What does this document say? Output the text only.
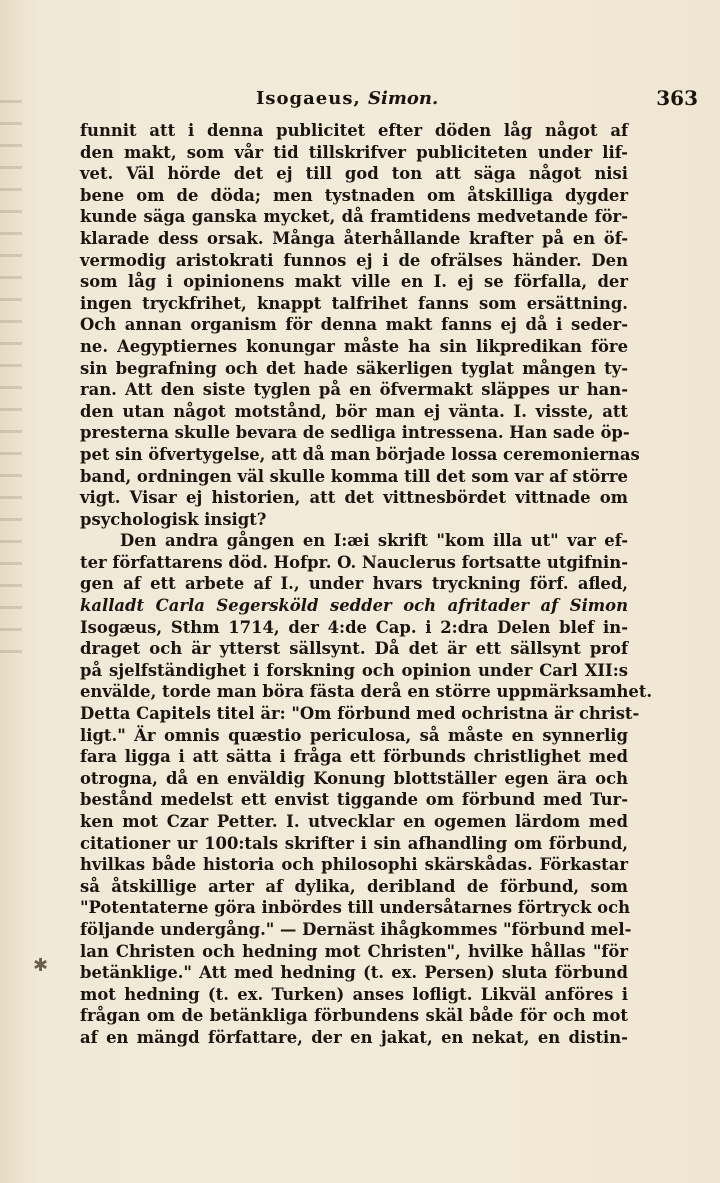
Isogaeus, Simon.	363
funnit att i denna publicitet efter döden låg något af
den makt, som vår tid tillskrifver publiciteten under lif-
vet. Väl hörde det ej till god ton att säga något nisi
bene om de döda; men tystnaden om åtskilliga dygder
kunde säga ganska mycket, då framtidens medvetande för-
klarade dess orsak. Många återhållande krafter på en öf-
vermodig aristokrati funnos ej i de ofrälses händer. Den
som låg i opinionens makt ville en I. ej se förfalla, der
ingen tryckfrihet, knappt talfrihet fanns som ersättning.
Och annan organism för denna makt fanns ej då i seder-
ne. Aegyptiernes konungar måste ha sin likpredikan före
sin begrafning och det hade säkerligen tyglat mången ty-
ran. Att den siste tyglen på en öfvermakt släppes ur han-
den utan något motstånd, bör man ej vänta. I. visste, att
presterna skulle bevara de sedliga intressena. Han sade öp-
pet sin öfvertygelse, att då man började lossa ceremoniernas
band, ordningen väl skulle komma till det som var af större
vigt. Visar ej historien, att det vittnesbördet vittnade om
psychologisk insigt?
Den andra gången en I:æi skrift "kom illa ut" var ef-
ter författarens död. Hofpr. O. Nauclerus fortsatte utgifnin-
gen af ett arbete af I., under hvars tryckning förf. afled,
kalladt Carla Segersköld sedder och afritader af Simon
Isogæus, Sthm 1714, der 4:de Cap. i 2:dra Delen blef in-
draget och är ytterst sällsynt. Då det är ett sällsynt prof
på sjelfständighet i forskning och opinion under Carl XII:s
envälde, torde man böra fästa derå en större uppmärksamhet.
Detta Capitels titel är: "Om förbund med ochristna är christ-
ligt." Är omnis quæstio periculosa, så måste en synnerlig
fara ligga i att sätta i fråga ett förbunds christlighet med
otrogna, då en enväldig Konung blottställer egen ära och
bestånd medelst ett envist tiggande om förbund med Tur-
ken mot Czar Petter. I. utvecklar en ogemen lärdom med
citationer ur 100:tals skrifter i sin afhandling om förbund,
hvilkas både historia och philosophi skärskådas. Förkastar
så åtskillige arter af dylika, deribland de förbund, som
"Potentaterne göra inbördes till undersåtarnes förtryck och
följande undergång." — Dernäst ihågkommes "förbund mel-
lan Christen och hedning mot Christen", hvilke hållas "för
betänklige." Att med hedning (t. ex. Persen) sluta förbund
mot hedning (t. ex. Turken) anses lofligt. Likväl anföres i
frågan om de betänkliga förbundens skäl både för och mot
af en mängd författare, der en jakat, en nekat, en distin-
✱
